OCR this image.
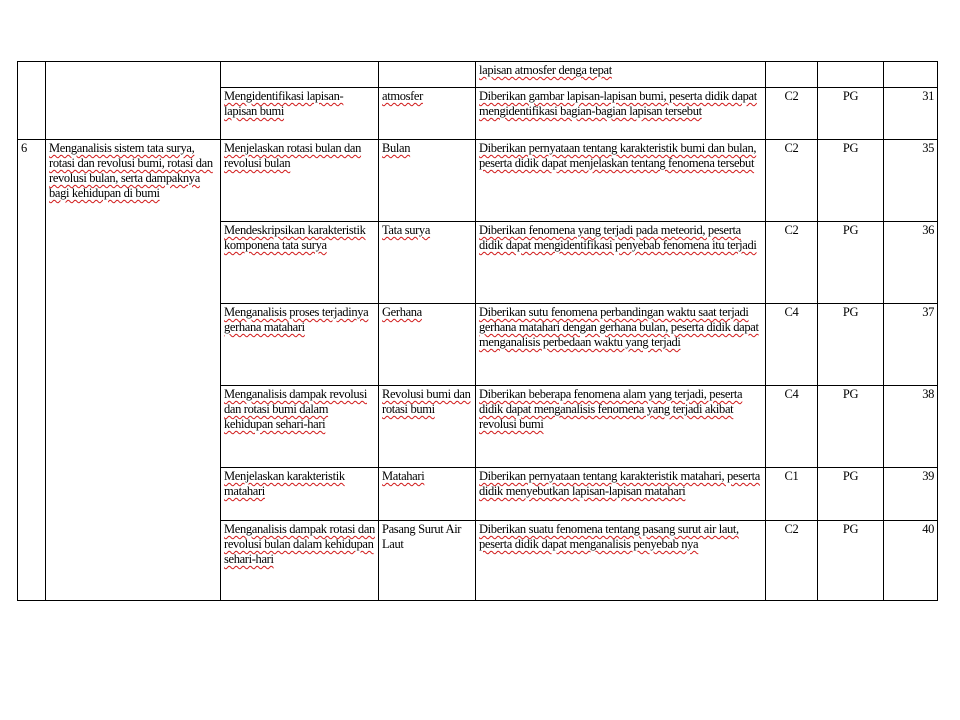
				lapisan atmosfer denga tepat			
		Mengidentifikasi lapisan-lapisan bumi	atmosfer	Diberikan gambar lapisan-lapisan bumi, peserta didik dapat mengidentifikasi bagian-bagian lapisan tersebut	C2	PG	31
6	Menganalisis sistem tata surya, rotasi dan revolusi bumi, rotasi dan revolusi bulan, serta dampaknya bagi kehidupan di bumi	Menjelaskan rotasi bulan dan revolusi bulan	Bulan	Diberikan pernyataan tentang karakteristik bumi dan bulan, peserta didik dapat menjelaskan tentang fenomena tersebut	C2	PG	35
		Mendeskripsikan karakteristik komponena tata surya	Tata surya	Diberikan fenomena yang terjadi pada meteorid, peserta didik dapat mengidentifikasi penyebab fenomena itu terjadi	C2	PG	36
		Menganalisis proses terjadinya gerhana matahari	Gerhana	Diberikan sutu fenomena perbandingan waktu saat terjadi gerhana matahari dengan gerhana bulan, peserta didik dapat menganalisis perbedaan waktu yang terjadi	C4	PG	37
		Menganalisis dampak revolusi dan rotasi bumi dalam kehidupan sehari-hari	Revolusi bumi dan rotasi bumi	Diberikan beberapa fenomena alam yang terjadi, peserta didik dapat menganalisis fenomena yang terjadi akibat revolusi bumi	C4	PG	38
		Menjelaskan karakteristik matahari	Matahari	Diberikan pernyataan tentang karakteristik matahari, peserta didik menyebutkan lapisan-lapisan matahari	C1	PG	39
		Menganalisis dampak rotasi dan revolusi bulan dalam kehidupan sehari-hari	Pasang Surut Air Laut	Diberikan suatu fenomena tentang pasang surut air laut, peserta didik dapat menganalisis penyebab nya	C2	PG	40
